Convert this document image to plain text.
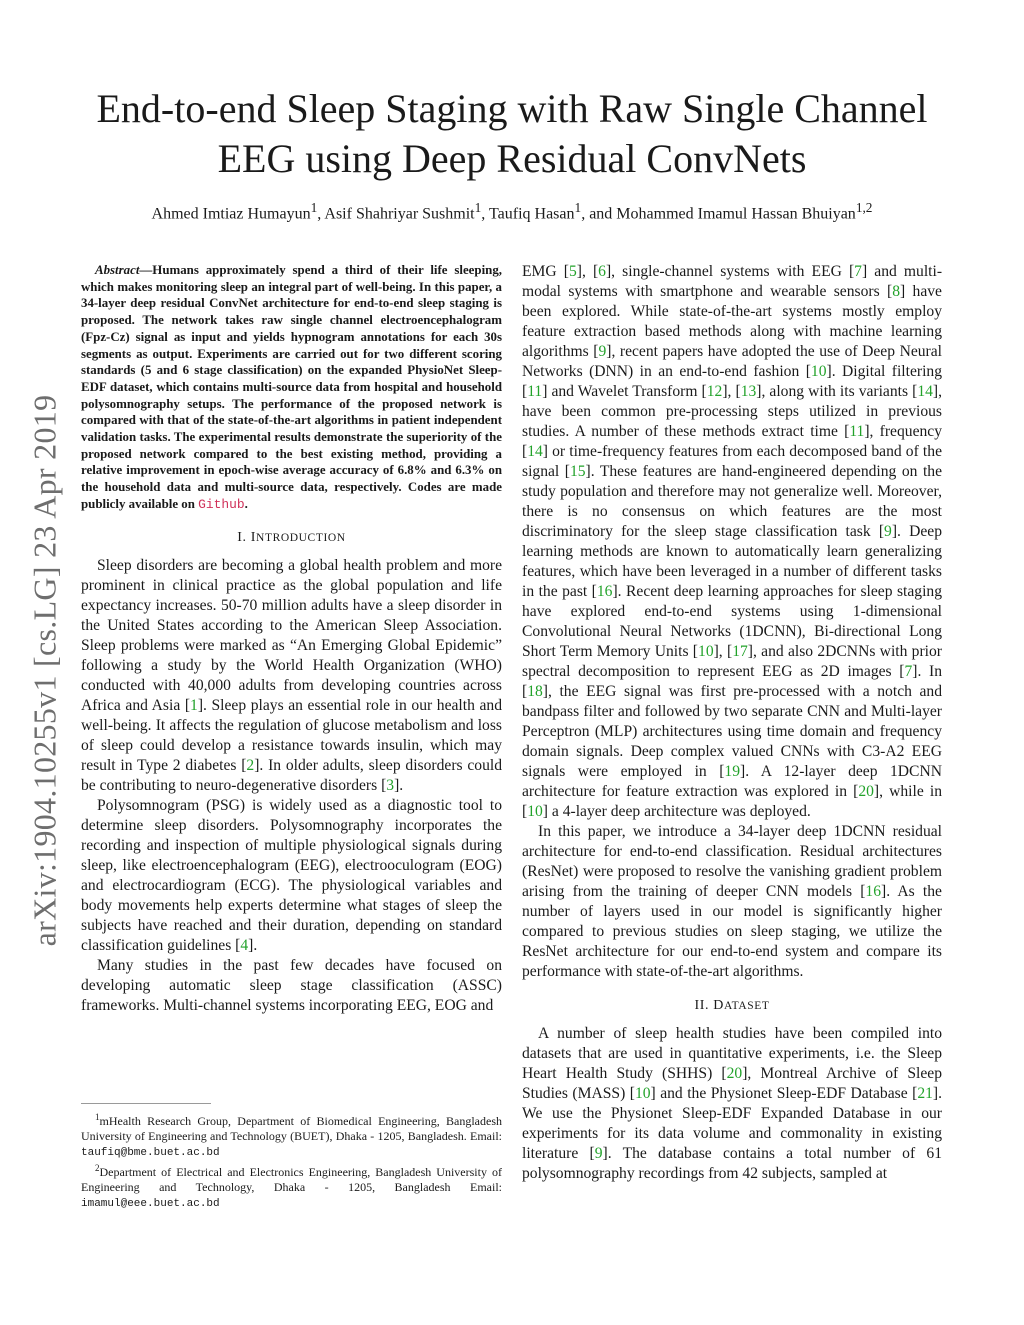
arXiv:1904.10255v1 [cs.LG] 23 Apr 2019
End-to-end Sleep Staging with Raw Single Channel
EEG using Deep Residual ConvNets
Ahmed Imtiaz Humayun$^1$, Asif Shahriyar Sushmit$^1$, Taufiq Hasan$^1$, and Mohammed Imamul Hassan Bhuiyan$^{1,2}$

Abstract—Humans approximately spend a third of their life sleeping, which makes monitoring sleep an integral part of well-being. In this paper, a 34-layer deep residual ConvNet architecture for end-to-end sleep staging is proposed. The network takes raw single channel electroencephalogram (Fpz-Cz) signal as input and yields hypnogram annotations for each 30s segments as output. Experiments are carried out for two different scoring standards (5 and 6 stage classification) on the expanded PhysioNet Sleep-EDF dataset, which contains multi-source data from hospital and household polysomnography setups. The performance of the proposed network is compared with that of the state-of-the-art algorithms in patient independent validation tasks. The experimental results demonstrate the superiority of the proposed network compared to the best existing method, providing a relative improvement in epoch-wise average accuracy of 6.8% and 6.3% on the household data and multi-source data, respectively. Codes are made publicly available on Github.

I. INTRODUCTION

Sleep disorders are becoming a global health problem and more prominent in clinical practice as the global population and life expectancy increases. 50-70 million adults have a sleep disorder in the United States according to the American Sleep Association. Sleep problems were marked as “An Emerging Global Epidemic” following a study by the World Health Organization (WHO) conducted with 40,000 adults from developing countries across Africa and Asia [1]. Sleep plays an essential role in our health and well-being. It affects the regulation of glucose metabolism and loss of sleep could develop a resistance towards insulin, which may result in Type 2 diabetes [2]. In older adults, sleep disorders could be contributing to neuro-degenerative disorders [3].

Polysomnogram (PSG) is widely used as a diagnostic tool to determine sleep disorders. Polysomnography incorporates the recording and inspection of multiple physiological signals during sleep, like electroencephalogram (EEG), electrooculogram (EOG) and electrocardiogram (ECG). The physiological variables and body movements help experts determine what stages of sleep the subjects have reached and their duration, depending on standard classification guidelines [4].

Many studies in the past few decades have focused on developing automatic sleep stage classification (ASSC) frameworks. Multi-channel systems incorporating EEG, EOG and

$^1$mHealth Research Group, Department of Biomedical Engineering, Bangladesh University of Engineering and Technology (BUET), Dhaka - 1205, Bangladesh. Email: taufiq@bme.buet.ac.bd

$^2$Department of Electrical and Electronics Engineering, Bangladesh University of Engineering and Technology, Dhaka - 1205, Bangladesh Email: imamul@eee.buet.ac.bd

EMG [5], [6], single-channel systems with EEG [7] and multi-modal systems with smartphone and wearable sensors [8] have been explored. While state-of-the-art systems mostly employ feature extraction based methods along with machine learning algorithms [9], recent papers have adopted the use of Deep Neural Networks (DNN) in an end-to-end fashion [10]. Digital filtering [11] and Wavelet Transform [12], [13], along with its variants [14], have been common pre-processing steps utilized in previous studies. A number of these methods extract time [11], frequency [14] or time-frequency features from each decomposed band of the signal [15]. These features are hand-engineered depending on the study population and therefore may not generalize well. Moreover, there is no consensus on which features are the most discriminatory for the sleep stage classification task [9]. Deep learning methods are known to automatically learn generalizing features, which have been leveraged in a number of different tasks in the past [16]. Recent deep learning approaches for sleep staging have explored end-to-end systems using 1-dimensional Convolutional Neural Networks (1DCNN), Bi-directional Long Short Term Memory Units [10], [17], and also 2DCNNs with prior spectral decomposition to represent EEG as 2D images [7]. In [18], the EEG signal was first pre-processed with a notch and bandpass filter and followed by two separate CNN and Multi-layer Perceptron (MLP) architectures using time domain and frequency domain signals. Deep complex valued CNNs with C3-A2 EEG signals were employed in [19]. A 12-layer deep 1DCNN architecture for feature extraction was explored in [20], while in [10] a 4-layer deep architecture was deployed.

In this paper, we introduce a 34-layer deep 1DCNN residual architecture for end-to-end classification. Residual architectures (ResNet) were proposed to resolve the vanishing gradient problem arising from the training of deeper CNN models [16]. As the number of layers used in our model is significantly higher compared to previous studies on sleep staging, we utilize the ResNet architecture for our end-to-end system and compare its performance with state-of-the-art algorithms.

II. DATASET

A number of sleep health studies have been compiled into datasets that are used in quantitative experiments, i.e. the Sleep Heart Health Study (SHHS) [20], Montreal Archive of Sleep Studies (MASS) [10] and the Physionet Sleep-EDF Database [21]. We use the Physionet Sleep-EDF Expanded Database in our experiments for its data volume and commonality in existing literature [9]. The database contains a total number of 61 polysomnography recordings from 42 subjects, sampled at
